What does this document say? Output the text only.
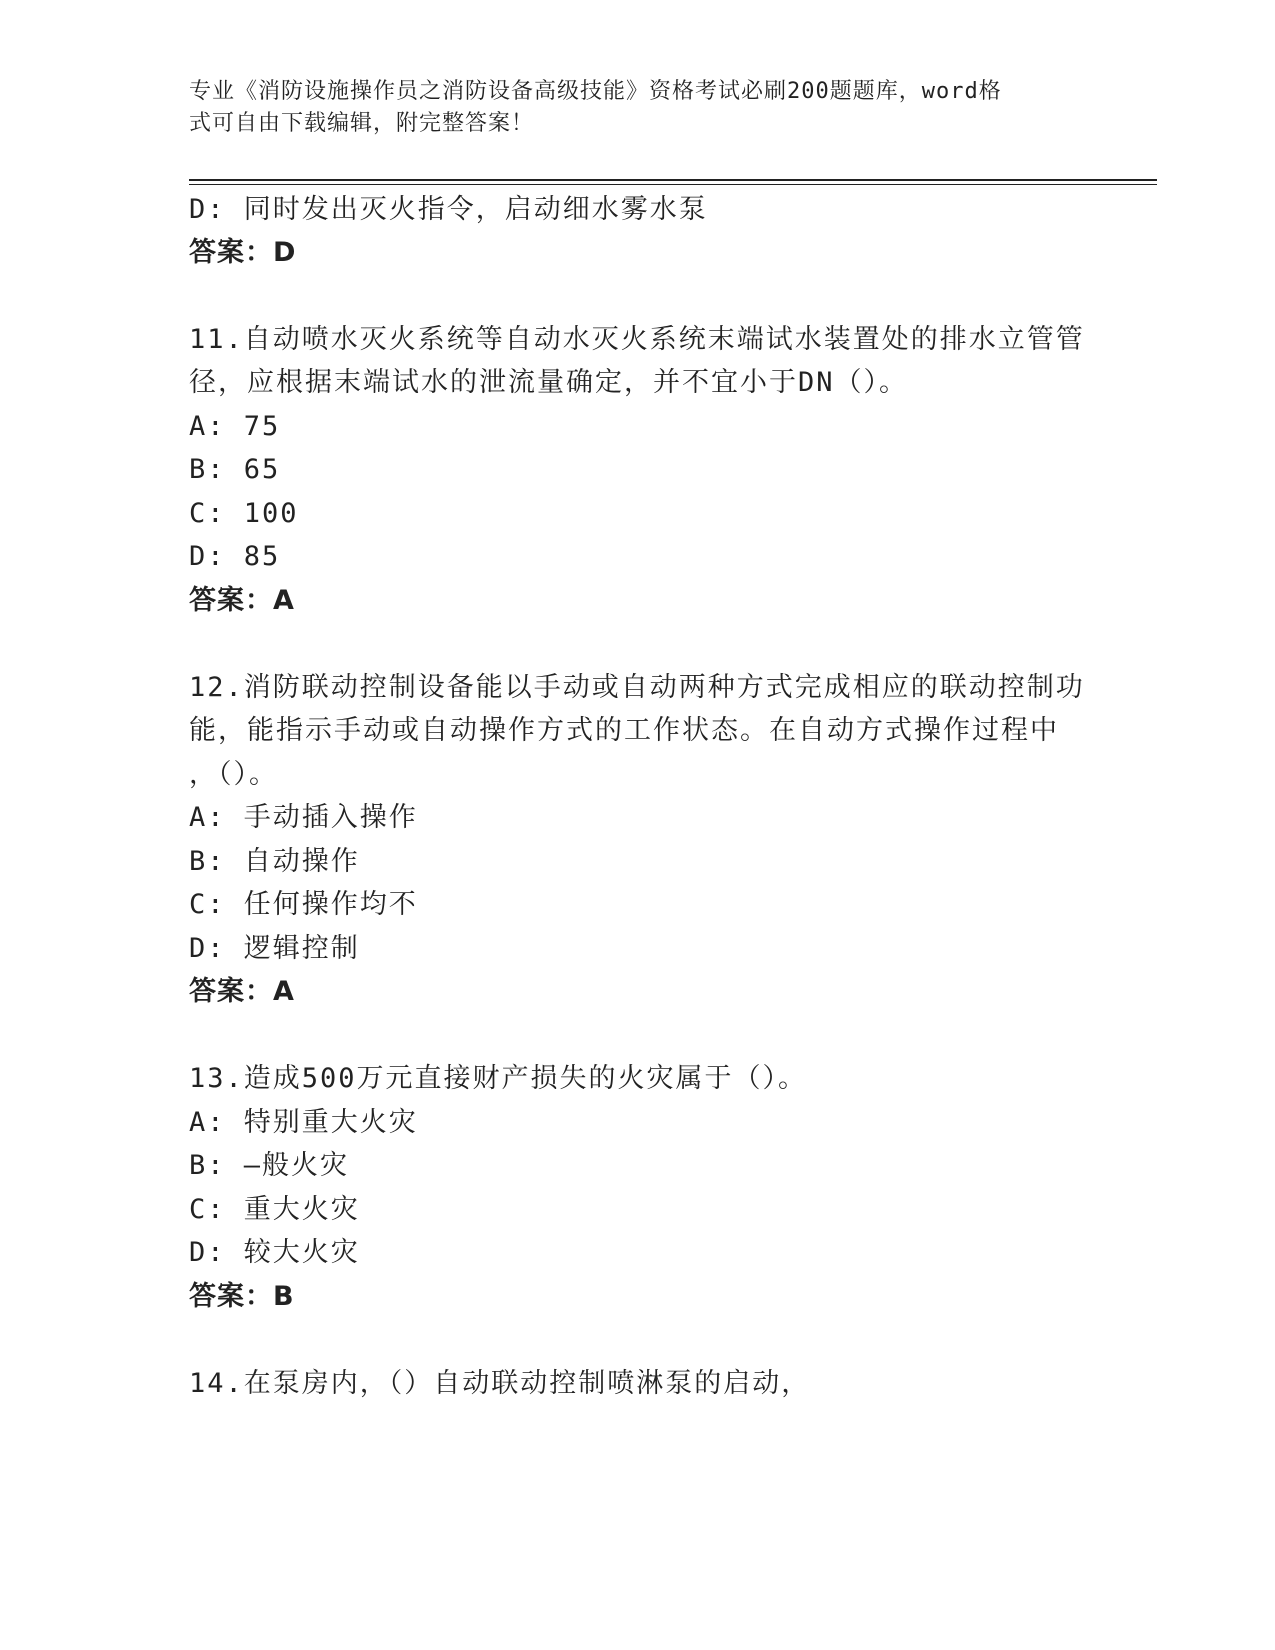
专业《消防设施操作员之消防设备高级技能》资格考试必刷200题题库，word格
式可自由下载编辑，附完整答案！
D: 同时发出灭火指令，启动细水雾水泵
答案：D
11.自动喷水灭火系统等自动水灭火系统末端试水装置处的排水立管管
径，应根据末端试水的泄流量确定，并不宜小于DN（）。
A: 75
B: 65
C: 100
D: 85
答案：A
12.消防联动控制设备能以手动或自动两种方式完成相应的联动控制功
能，能指示手动或自动操作方式的工作状态。在自动方式操作过程中
，（）。
A: 手动插入操作
B: 自动操作
C: 任何操作均不
D: 逻辑控制
答案：A
13.造成500万元直接财产损失的火灾属于（）。
A: 特别重大火灾
B: —般火灾
C: 重大火灾
D: 较大火灾
答案：B
14.在泵房内，（）自动联动控制喷淋泵的启动，
